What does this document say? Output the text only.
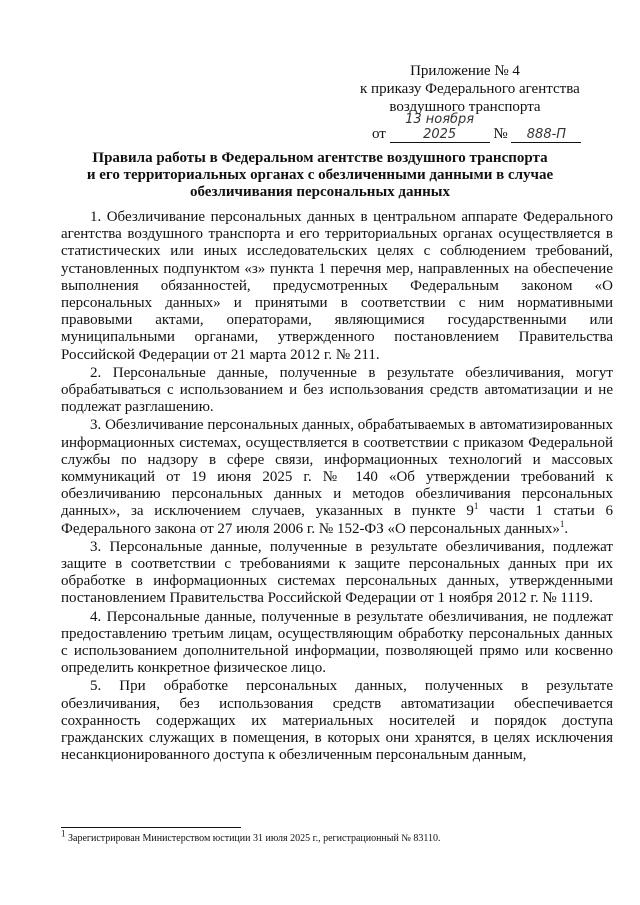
Приложение № 4
к приказу Федерального агентства
воздушного транспорта
от 13 ноября 2025 № 888-П
Правила работы в Федеральном агентстве воздушного транспорта
и его территориальных органах с обезличенными данными в случае
обезличивания персональных данных

1. Обезличивание персональных данных в центральном аппарате Федерального агентства воздушного транспорта и его территориальных органах осуществляется в статистических или иных исследовательских целях с соблюдением требований, установленных подпунктом «з» пункта 1 перечня мер, направленных на обеспечение выполнения обязанностей, предусмотренных Федеральным законом «О персональных данных» и принятыми в соответствии с ним нормативными правовыми актами, операторами, являющимися государственными или муниципальными органами, утвержденного постановлением Правительства Российской Федерации от 21 марта 2012 г. № 211.

2. Персональные данные, полученные в результате обезличивания, могут обрабатываться с использованием и без использования средств автоматизации и не подлежат разглашению.

3. Обезличивание персональных данных, обрабатываемых в автоматизированных информационных системах, осуществляется в соответствии с приказом Федеральной службы по надзору в сфере связи, информационных технологий и массовых коммуникаций от 19 июня 2025 г. № 140 «Об утверждении требований к обезличиванию персональных данных и методов обезличивания персональных данных», за исключением случаев, указанных в пункте $9^1$ части 1 статьи 6 Федерального закона от 27 июля 2006 г. № 152-ФЗ «О персональных данных»$^1$.

3. Персональные данные, полученные в результате обезличивания, подлежат защите в соответствии с требованиями к защите персональных данных при их обработке в информационных системах персональных данных, утвержденными постановлением Правительства Российской Федерации от 1 ноября 2012 г. № 1119.

4. Персональные данные, полученные в результате обезличивания, не подлежат предоставлению третьим лицам, осуществляющим обработку персональных данных с использованием дополнительной информации, позволяющей прямо или косвенно определить конкретное физическое лицо.

5. При обработке персональных данных, полученных в результате обезличивания, без использования средств автоматизации обеспечивается сохранность содержащих их материальных носителей и порядок доступа гражданских служащих в помещения, в которых они хранятся, в целях исключения несанкционированного доступа к обезличенным персональным данным,

$^1$ Зарегистрирован Министерством юстиции 31 июля 2025 г., регистрационный № 83110.
